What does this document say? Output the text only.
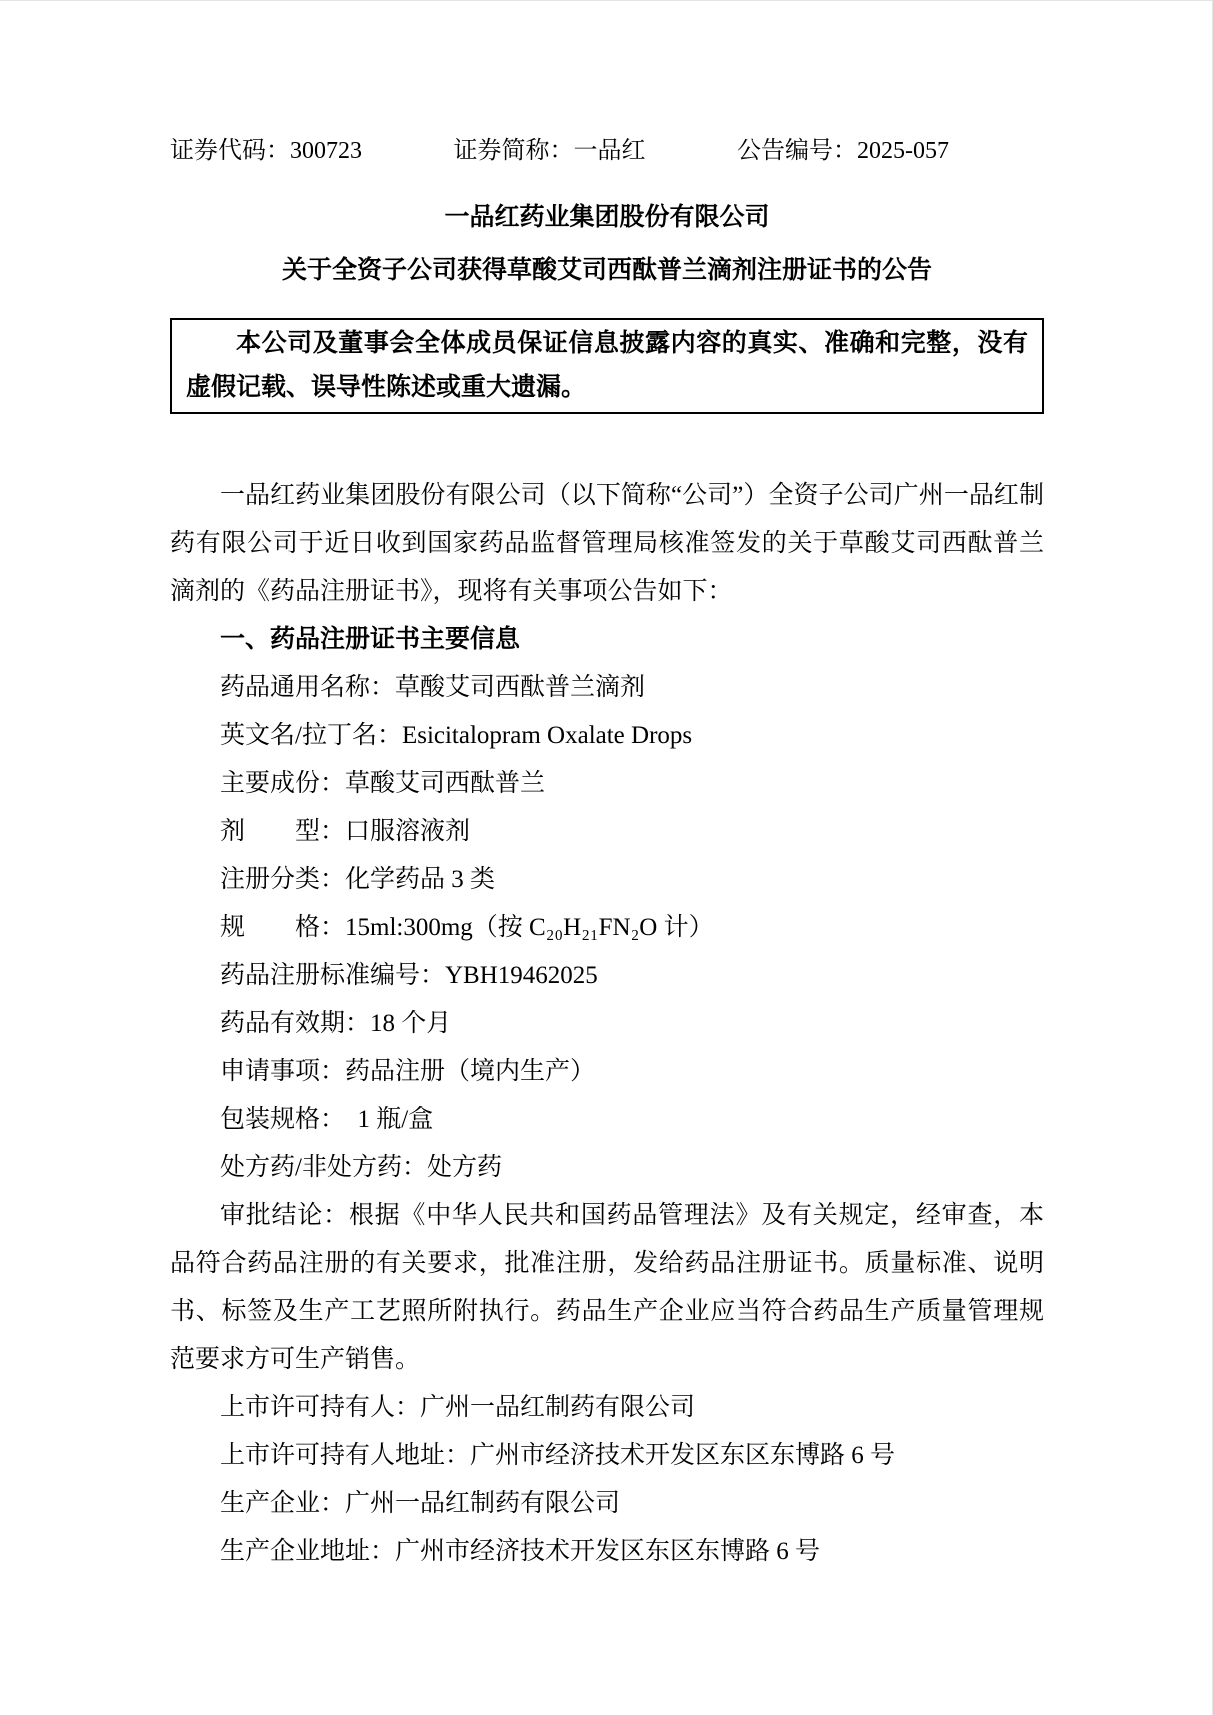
证券代码：300723	证券简称：一品红	公告编号：2025-057
一品红药业集团股份有限公司
关于全资子公司获得草酸艾司西酞普兰滴剂注册证书的公告

本公司及董事会全体成员保证信息披露内容的真实、准确和完整，没有虚假记载、误导性陈述或重大遗漏。

一品红药业集团股份有限公司（以下简称“公司”）全资子公司广州一品红制药有限公司于近日收到国家药品监督管理局核准签发的关于草酸艾司西酞普兰滴剂的《药品注册证书》，现将有关事项公告如下：

一、药品注册证书主要信息

药品通用名称：草酸艾司西酞普兰滴剂

英文名/拉丁名：Esicitalopram Oxalate Drops

主要成份：草酸艾司西酞普兰

剂　　型：口服溶液剂

注册分类：化学药品 3 类

规　　格：15ml:300mg（按 C₂₀H₂₁FN₂O 计）

药品注册标准编号：YBH19462025

药品有效期：18 个月

申请事项：药品注册（境内生产）

包装规格：　1 瓶/盒

处方药/非处方药：处方药

审批结论：根据《中华人民共和国药品管理法》及有关规定，经审查，本品符合药品注册的有关要求，批准注册，发给药品注册证书。质量标准、说明书、标签及生产工艺照所附执行。药品生产企业应当符合药品生产质量管理规范要求方可生产销售。

上市许可持有人：广州一品红制药有限公司

上市许可持有人地址：广州市经济技术开发区东区东博路 6 号

生产企业：广州一品红制药有限公司

生产企业地址：广州市经济技术开发区东区东博路 6 号
